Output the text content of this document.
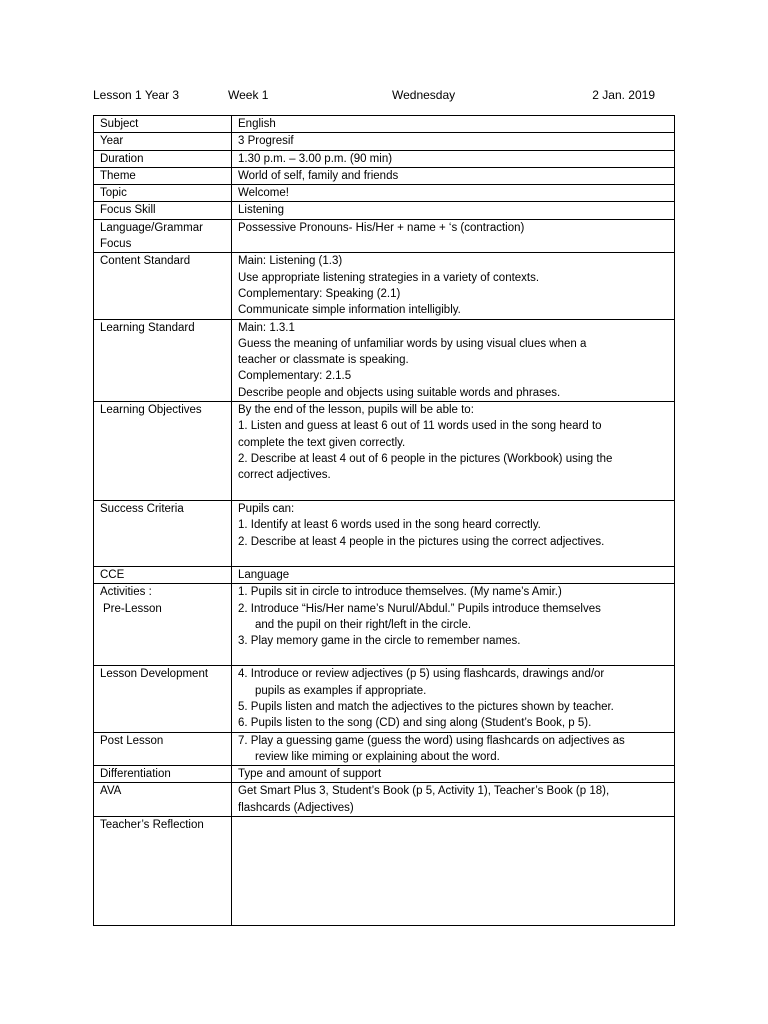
Lesson 1 Year 3	Week 1	Wednesday	2 Jan. 2019
Subject	English

Year	3 Progresif

Duration	1.30 p.m. – 3.00 p.m. (90 min)

Theme	World of self, family and friends

Topic	Welcome!

Focus Skill	Listening

Language/Grammar Focus	Possessive Pronouns- His/Her + name + ‘s (contraction)

Content Standard	Main: Listening (1.3)
Use appropriate listening strategies in a variety of contexts.
Complementary: Speaking (2.1)
Communicate simple information intelligibly.

Learning Standard	Main: 1.3.1
Guess the meaning of unfamiliar words by using visual clues when a
teacher or classmate is speaking.
Complementary: 2.1.5
Describe people and objects using suitable words and phrases.

Learning Objectives	By the end of the lesson, pupils will be able to:
1. Listen and guess at least 6 out of 11 words used in the song heard to
complete the text given correctly.
2. Describe at least 4 out of 6 people in the pictures (Workbook) using the
correct adjectives.

Success Criteria	Pupils can:
1. Identify at least 6 words used in the song heard correctly.
2. Describe at least 4 people in the pictures using the correct adjectives.

CCE	Language

Activities :
Pre-Lesson	1. Pupils sit in circle to introduce themselves. (My name’s Amir.)
2. Introduce “His/Her name’s Nurul/Abdul.” Pupils introduce themselves
and the pupil on their right/left in the circle.
3. Play memory game in the circle to remember names.

Lesson Development	4. Introduce or review adjectives (p 5) using flashcards, drawings and/or
pupils as examples if appropriate.
5. Pupils listen and match the adjectives to the pictures shown by teacher.
6. Pupils listen to the song (CD) and sing along (Student’s Book, p 5).

Post Lesson	7. Play a guessing game (guess the word) using flashcards on adjectives as
review like miming or explaining about the word.

Differentiation	Type and amount of support

AVA	Get Smart Plus 3, Student’s Book (p 5, Activity 1), Teacher’s Book (p 18),
flashcards (Adjectives)

Teacher’s Reflection	
